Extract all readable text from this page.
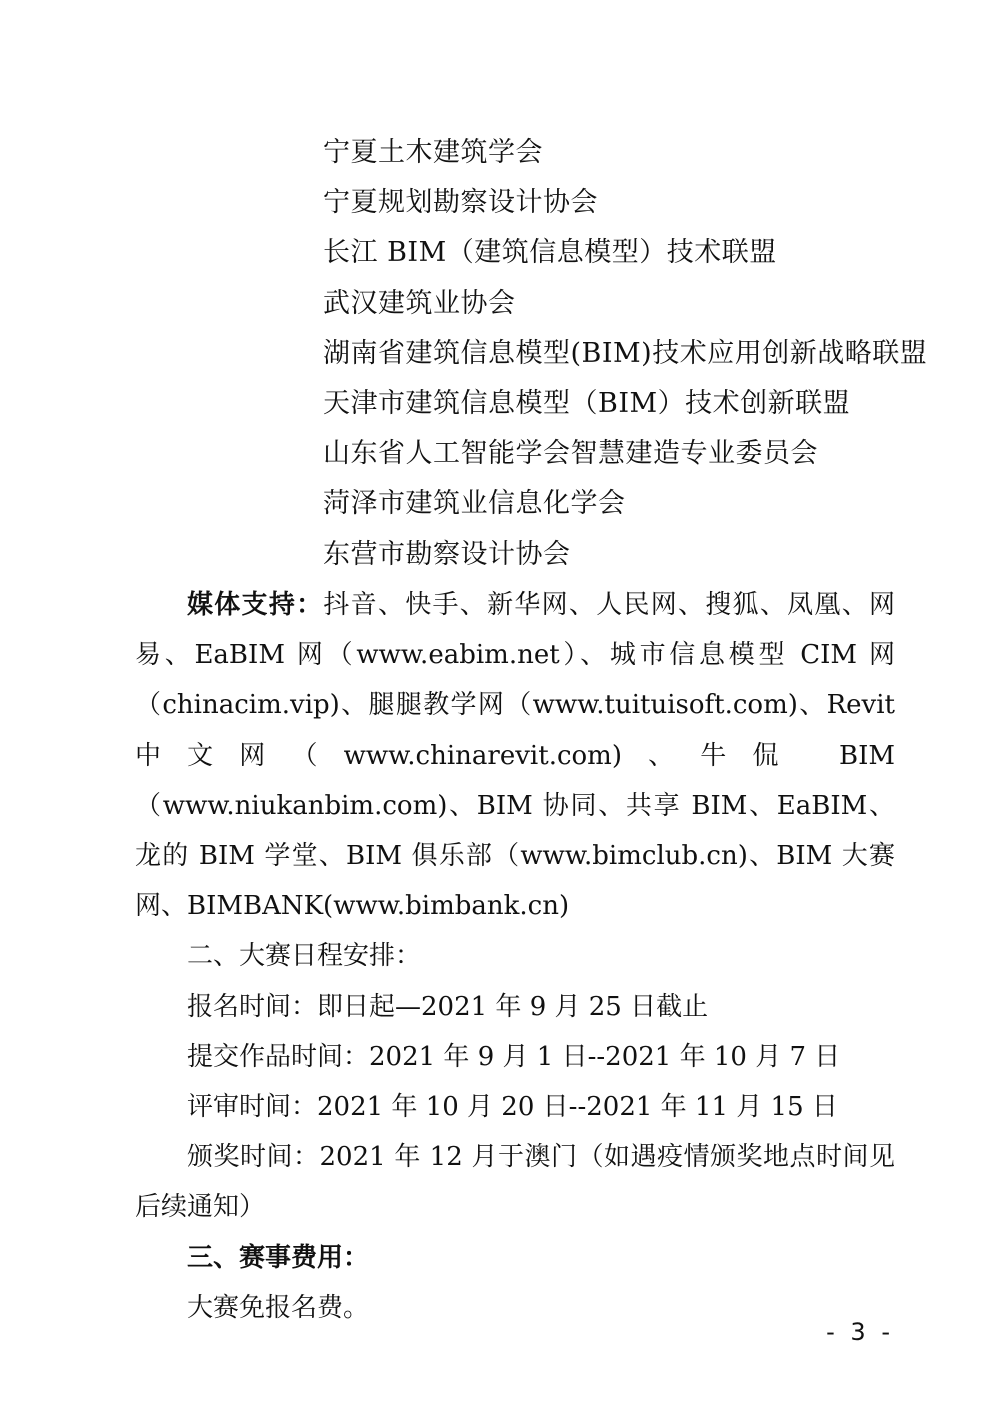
宁夏土木建筑学会
宁夏规划勘察设计协会
长江 BIM（建筑信息模型）技术联盟
武汉建筑业协会
湖南省建筑信息模型(BIM)技术应用创新战略联盟
天津市建筑信息模型（BIM）技术创新联盟
山东省人工智能学会智慧建造专业委员会
菏泽市建筑业信息化学会
东营市勘察设计协会

媒体支持：抖音、快手、新华网、人民网、搜狐、凤凰、网易、EaBIM 网（www.eabim.net）、城市信息模型 CIM 网（chinacim.vip)、腿腿教学网（www.tuituisoft.com)、Revit 中文网（www.chinarevit.com)、牛侃 BIM（www.niukanbim.com)、BIM 协同、共享 BIM、EaBIM、龙的 BIM 学堂、BIM 俱乐部（www.bimclub.cn)、BIM 大赛网、BIMBANK(www.bimbank.cn)

二、大赛日程安排：

报名时间：即日起—2021 年 9 月 25 日截止

提交作品时间：2021 年 9 月 1 日--2021 年 10 月 7 日

评审时间：2021 年 10 月 20 日--2021 年 11 月 15 日

颁奖时间：2021 年 12 月于澳门（如遇疫情颁奖地点时间见后续通知）

三、赛事费用：

大赛免报名费。

- 3 -
